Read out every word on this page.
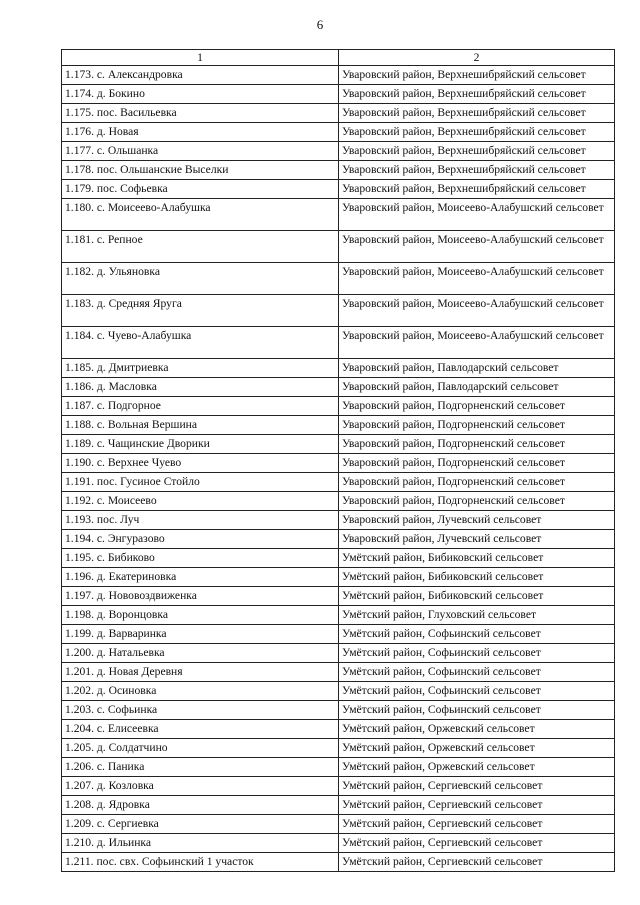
6
1	2
1.173. с. Александровка	Уваровский район, Верхнешибряйский сельсовет
1.174. д. Бокино	Уваровский район, Верхнешибряйский сельсовет
1.175. пос. Васильевка	Уваровский район, Верхнешибряйский сельсовет
1.176. д. Новая	Уваровский район, Верхнешибряйский сельсовет
1.177. с. Ольшанка	Уваровский район, Верхнешибряйский сельсовет
1.178. пос. Ольшанские Выселки	Уваровский район, Верхнешибряйский сельсовет
1.179. пос. Софьевка	Уваровский район, Верхнешибряйский сельсовет
1.180. с. Моисеево-Алабушка	Уваровский район, Моисеево-Алабушский сельсовет
1.181. с. Репное	Уваровский район, Моисеево-Алабушский сельсовет
1.182. д. Ульяновка	Уваровский район, Моисеево-Алабушский сельсовет
1.183. д. Средняя Яруга	Уваровский район, Моисеево-Алабушский сельсовет
1.184. с. Чуево-Алабушка	Уваровский район, Моисеево-Алабушский сельсовет
1.185. д. Дмитриевка	Уваровский район, Павлодарский сельсовет
1.186. д. Масловка	Уваровский район, Павлодарский сельсовет
1.187. с. Подгорное	Уваровский район, Подгорненский сельсовет
1.188. с. Вольная Вершина	Уваровский район, Подгорненский сельсовет
1.189. с. Чащинские Дворики	Уваровский район, Подгорненский сельсовет
1.190. с. Верхнее Чуево	Уваровский район, Подгорненский сельсовет
1.191. пос. Гусиное Стойло	Уваровский район, Подгорненский сельсовет
1.192. с. Моисеево	Уваровский район, Подгорненский сельсовет
1.193. пос. Луч	Уваровский район, Лучевский сельсовет
1.194. с. Энгуразово	Уваровский район, Лучевский сельсовет
1.195. с. Бибиково	Умётский район, Бибиковский сельсовет
1.196. д. Екатериновка	Умётский район, Бибиковский сельсовет
1.197. д. Нововоздвиженка	Умётский район, Бибиковский сельсовет
1.198. д. Воронцовка	Умётский район, Глуховский сельсовет
1.199. д. Варваринка	Умётский район, Софьинский сельсовет
1.200. д. Натальевка	Умётский район, Софьинский сельсовет
1.201. д. Новая Деревня	Умётский район, Софьинский сельсовет
1.202. д. Осиновка	Умётский район, Софьинский сельсовет
1.203. с. Софьинка	Умётский район, Софьинский сельсовет
1.204. с. Елисеевка	Умётский район, Оржевский сельсовет
1.205. д. Солдатчино	Умётский район, Оржевский сельсовет
1.206. с. Паника	Умётский район, Оржевский сельсовет
1.207. д. Козловка	Умётский район, Сергиевский сельсовет
1.208. д. Ядровка	Умётский район, Сергиевский сельсовет
1.209. с. Сергиевка	Умётский район, Сергиевский сельсовет
1.210. д. Ильинка	Умётский район, Сергиевский сельсовет
1.211. пос. свх. Софьинский 1 участок	Умётский район, Сергиевский сельсовет
